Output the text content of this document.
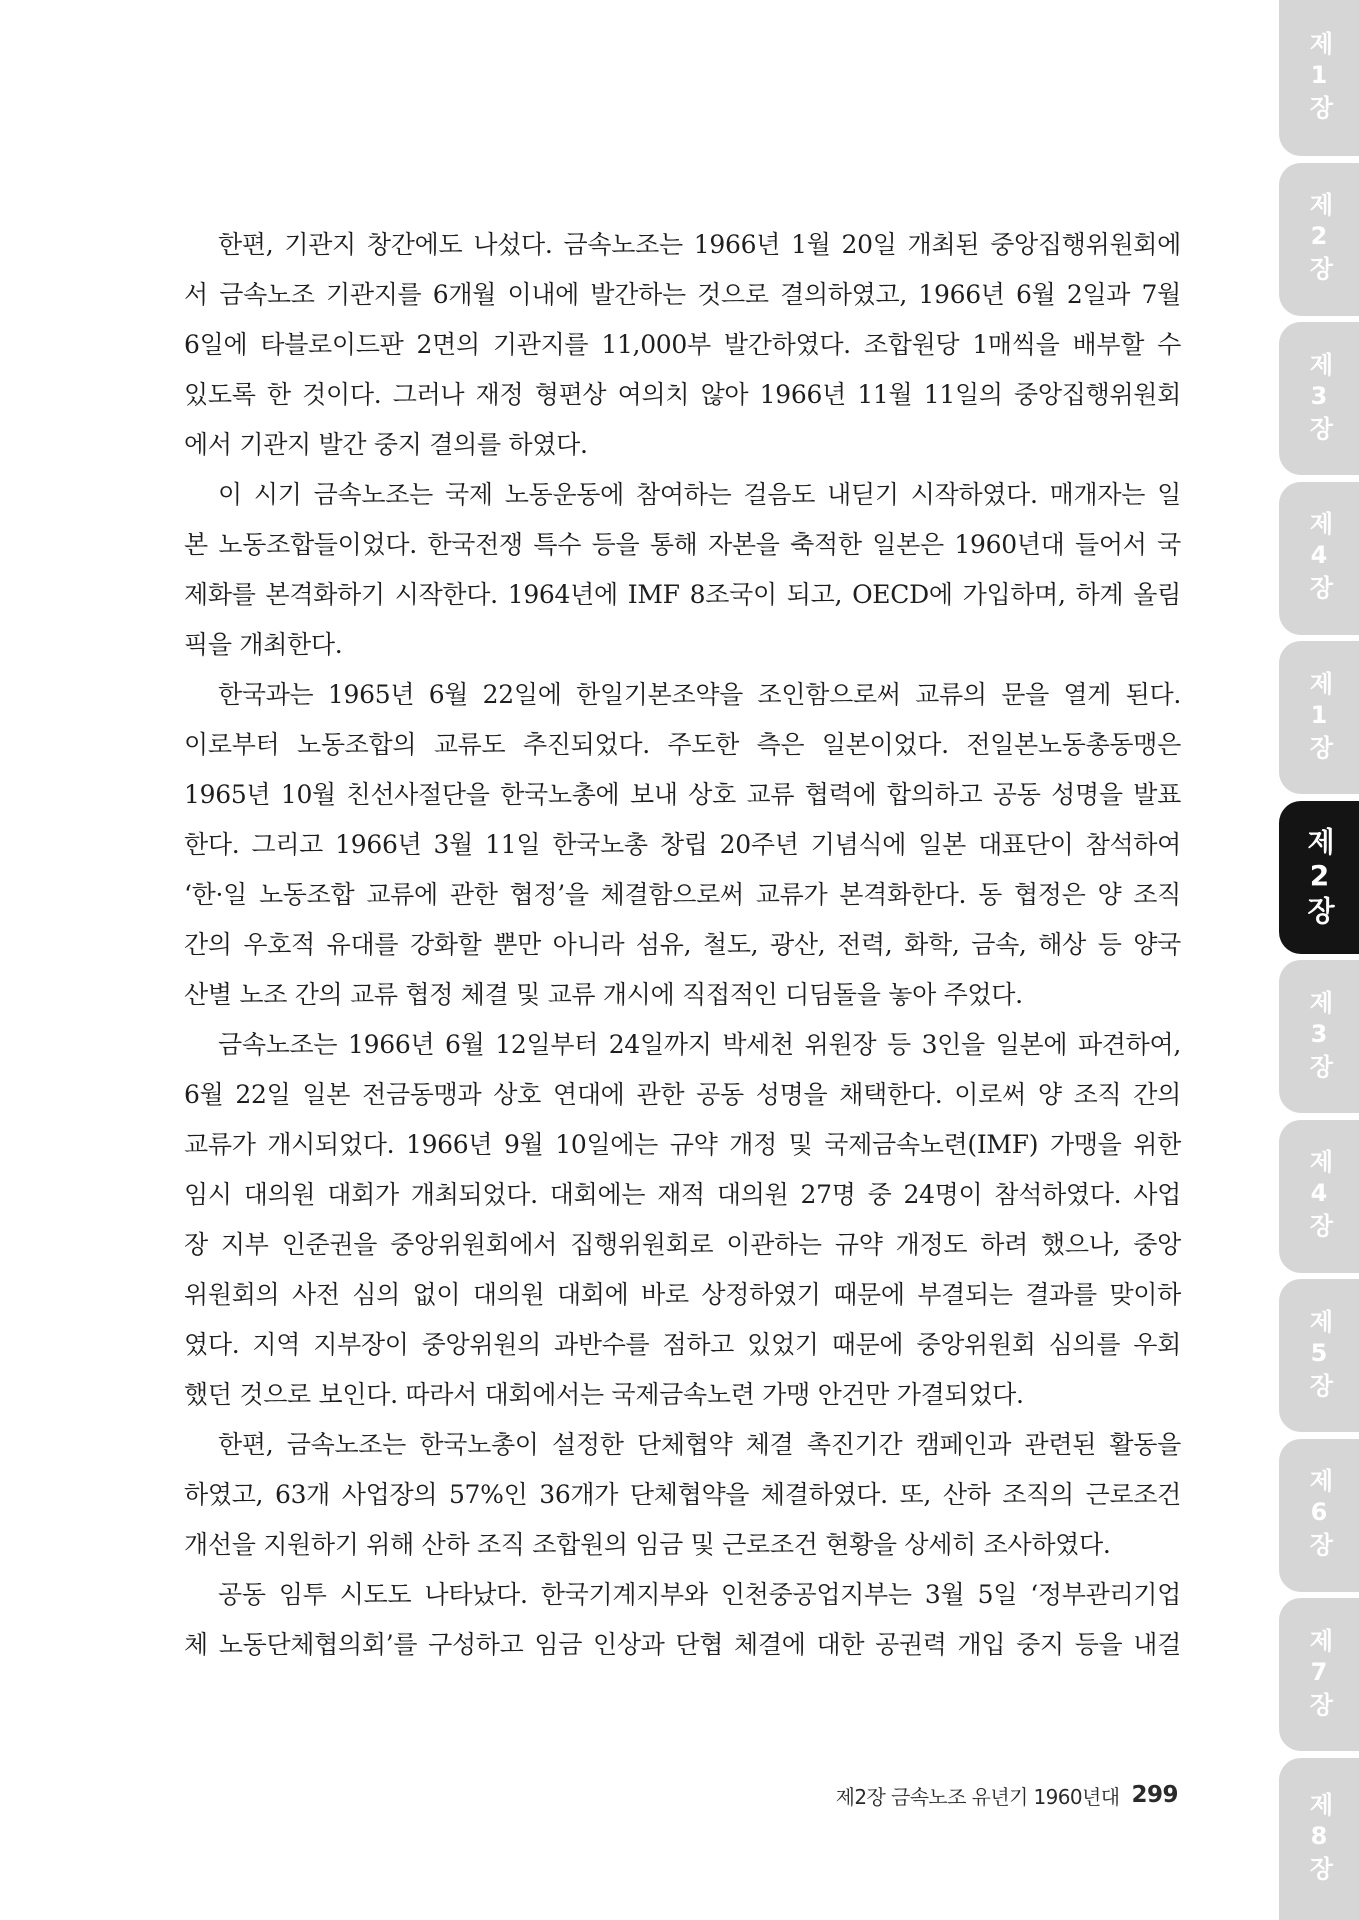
한편, 기관지 창간에도 나섰다. 금속노조는 1966년 1월 20일 개최된 중앙집행위원회에
서 금속노조 기관지를 6개월 이내에 발간하는 것으로 결의하였고, 1966년 6월 2일과 7월
6일에 타블로이드판 2면의 기관지를 11,000부 발간하였다. 조합원당 1매씩을 배부할 수
있도록 한 것이다. 그러나 재정 형편상 여의치 않아 1966년 11월 11일의 중앙집행위원회
에서 기관지 발간 중지 결의를 하였다.
이 시기 금속노조는 국제 노동운동에 참여하는 걸음도 내딛기 시작하였다. 매개자는 일
본 노동조합들이었다. 한국전쟁 특수 등을 통해 자본을 축적한 일본은 1960년대 들어서 국
제화를 본격화하기 시작한다. 1964년에 IMF 8조국이 되고, OECD에 가입하며, 하계 올림
픽을 개최한다.
한국과는 1965년 6월 22일에 한일기본조약을 조인함으로써 교류의 문을 열게 된다.
이로부터 노동조합의 교류도 추진되었다. 주도한 측은 일본이었다. 전일본노동총동맹은
1965년 10월 친선사절단을 한국노총에 보내 상호 교류 협력에 합의하고 공동 성명을 발표
한다. 그리고 1966년 3월 11일 한국노총 창립 20주년 기념식에 일본 대표단이 참석하여
‘한·일 노동조합 교류에 관한 협정’을 체결함으로써 교류가 본격화한다. 동 협정은 양 조직
간의 우호적 유대를 강화할 뿐만 아니라 섬유, 철도, 광산, 전력, 화학, 금속, 해상 등 양국
산별 노조 간의 교류 협정 체결 및 교류 개시에 직접적인 디딤돌을 놓아 주었다.
금속노조는 1966년 6월 12일부터 24일까지 박세천 위원장 등 3인을 일본에 파견하여,
6월 22일 일본 전금동맹과 상호 연대에 관한 공동 성명을 채택한다. 이로써 양 조직 간의
교류가 개시되었다. 1966년 9월 10일에는 규약 개정 및 국제금속노련(IMF) 가맹을 위한
임시 대의원 대회가 개최되었다. 대회에는 재적 대의원 27명 중 24명이 참석하였다. 사업
장 지부 인준권을 중앙위원회에서 집행위원회로 이관하는 규약 개정도 하려 했으나, 중앙
위원회의 사전 심의 없이 대의원 대회에 바로 상정하였기 때문에 부결되는 결과를 맞이하
였다. 지역 지부장이 중앙위원의 과반수를 점하고 있었기 때문에 중앙위원회 심의를 우회
했던 것으로 보인다. 따라서 대회에서는 국제금속노련 가맹 안건만 가결되었다.
한편, 금속노조는 한국노총이 설정한 단체협약 체결 촉진기간 캠페인과 관련된 활동을
하였고, 63개 사업장의 57%인 36개가 단체협약을 체결하였다. 또, 산하 조직의 근로조건
개선을 지원하기 위해 산하 조직 조합원의 임금 및 근로조건 현황을 상세히 조사하였다.
공동 임투 시도도 나타났다. 한국기계지부와 인천중공업지부는 3월 5일 ‘정부관리기업
체 노동단체협의회’를 구성하고 임금 인상과 단협 체결에 대한 공권력 개입 중지 등을 내걸
제2장 금속노조 유년기 1960년대 299
제1장
제2장
제3장
제4장
제1장
제2장
제3장
제4장
제5장
제6장
제7장
제8장
